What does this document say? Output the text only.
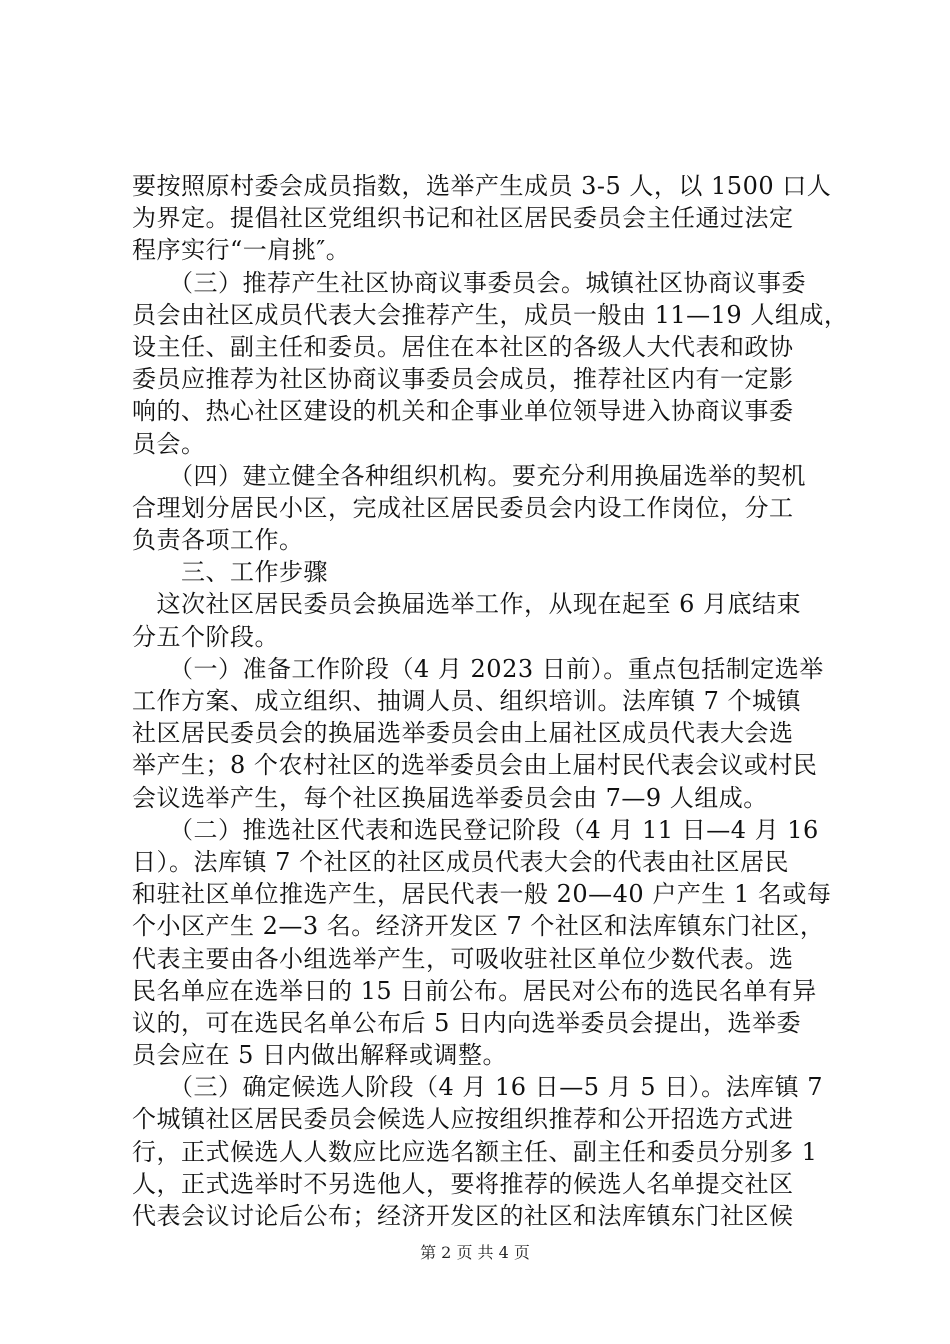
要按照原村委会成员指数，选举产生成员 3-5 人，以 1500 口人
为界定。提倡社区党组织书记和社区居民委员会主任通过法定
程序实行“一肩挑″。
　　（三）推荐产生社区协商议事委员会。城镇社区协商议事委
员会由社区成员代表大会推荐产生，成员一般由 11—19 人组成，
设主任、副主任和委员。居住在本社区的各级人大代表和政协
委员应推荐为社区协商议事委员会成员，推荐社区内有一定影
响的、热心社区建设的机关和企事业单位领导进入协商议事委
员会。
　　（四）建立健全各种组织机构。要充分利用换届选举的契机
合理划分居民小区，完成社区居民委员会内设工作岗位，分工
负责各项工作。
　　三、工作步骤
　这次社区居民委员会换届选举工作，从现在起至 6 月底结束
分五个阶段。
　　（一）准备工作阶段（4 月 2023 日前）。重点包括制定选举
工作方案、成立组织、抽调人员、组织培训。法库镇 7 个城镇
社区居民委员会的换届选举委员会由上届社区成员代表大会选
举产生；8 个农村社区的选举委员会由上届村民代表会议或村民
会议选举产生，每个社区换届选举委员会由 7—9 人组成。
　　（二）推选社区代表和选民登记阶段（4 月 11 日—4 月 16
日）。法库镇 7 个社区的社区成员代表大会的代表由社区居民
和驻社区单位推选产生，居民代表一般 20—40 户产生 1 名或每
个小区产生 2—3 名。经济开发区 7 个社区和法库镇东门社区，
代表主要由各小组选举产生，可吸收驻社区单位少数代表。选
民名单应在选举日的 15 日前公布。居民对公布的选民名单有异
议的，可在选民名单公布后 5 日内向选举委员会提出，选举委
员会应在 5 日内做出解释或调整。
　　（三）确定候选人阶段（4 月 16 日—5 月 5 日）。法库镇 7
个城镇社区居民委员会候选人应按组织推荐和公开招选方式进
行，正式候选人人数应比应选名额主任、副主任和委员分别多 1
人，正式选举时不另选他人，要将推荐的候选人名单提交社区
代表会议讨论后公布；经济开发区的社区和法库镇东门社区候
第 2 页 共 4 页
